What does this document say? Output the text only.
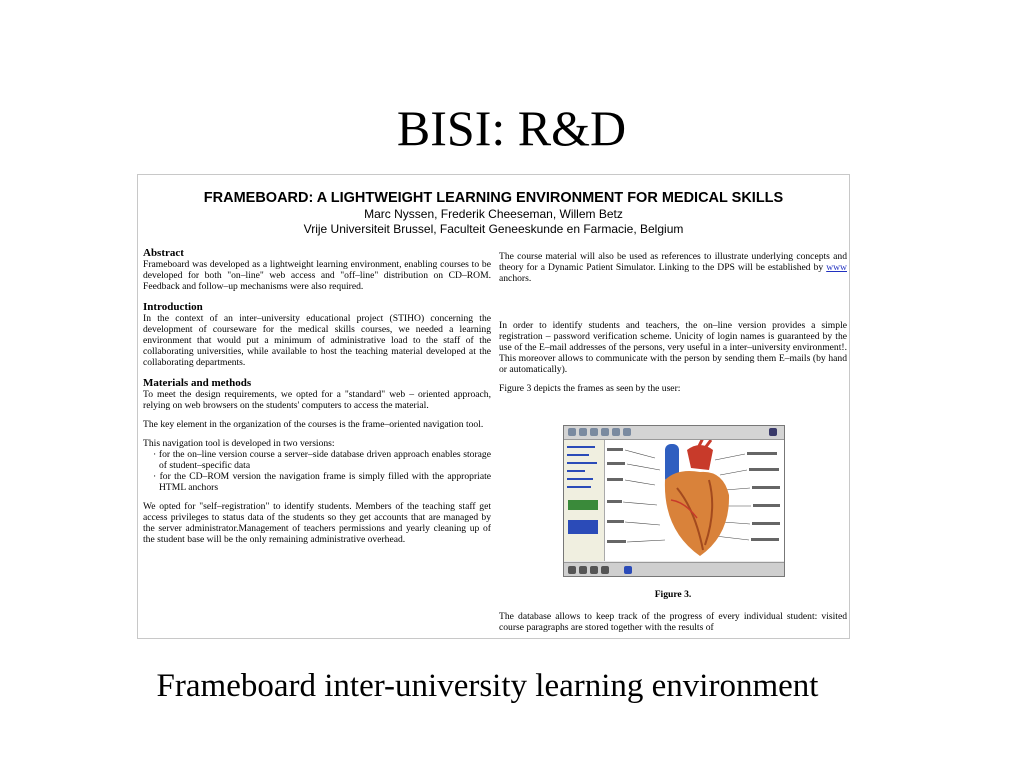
BISI: R&D
FRAMEBOARD: A LIGHTWEIGHT LEARNING ENVIRONMENT FOR MEDICAL SKILLS
Marc Nyssen, Frederik Cheeseman, Willem Betz
Vrije Universiteit Brussel, Faculteit Geneeskunde en Farmacie, Belgium
Abstract

Frameboard was developed as a lightweight learning environment, enabling courses to be developed for both "on–line" web access and "off–line" distribution on CD–ROM. Feedback and follow–up mechanisms were also required.

Introduction

In the context of an inter–university educational project (STIHO) concerning the development of courseware for the medical skills courses, we needed a learning environment that would put a minimum of administrative load to the staff of the collaborating universities, while available to host the teaching material developed at the collaborating departments.

Materials and methods

To meet the design requirements, we opted for a "standard" web – oriented approach, relying on web browsers on the students' computers to access the material.

The key element in the organization of the courses is the frame–oriented navigation tool.

This navigation tool is developed in two versions:

· for the on–line version course a server–side database driven approach enables storage of student–specific data
· for the CD–ROM version the navigation frame is simply filled with the appropriate HTML anchors

We opted for "self–registration" to identify students. Members of the teaching staff get access privileges to status data of the students so they get accounts that are managed by the server administrator.Management of teachers permissions and yearly cleaning up of the student base will be the only remaining administrative overhead.

The course material will also be used as references to illustrate underlying concepts and theory for a Dynamic Patient Simulator. Linking to the DPS will be established by www anchors.

In order to identify students and teachers, the on–line version provides a simple registration – password verification scheme. Unicity of login names is guaranteed by the use of the E–mail addresses of the persons, very useful in a inter–university environment!. This moreover allows to communicate with the person by sending them E–mails (by hand or automatically).

Figure 3 depicts the frames as seen by the user:

Figure 3.

The database allows to keep track of the progress of every individual student: visited course paragraphs are stored together with the results of

Frameboard inter-university learning environment
